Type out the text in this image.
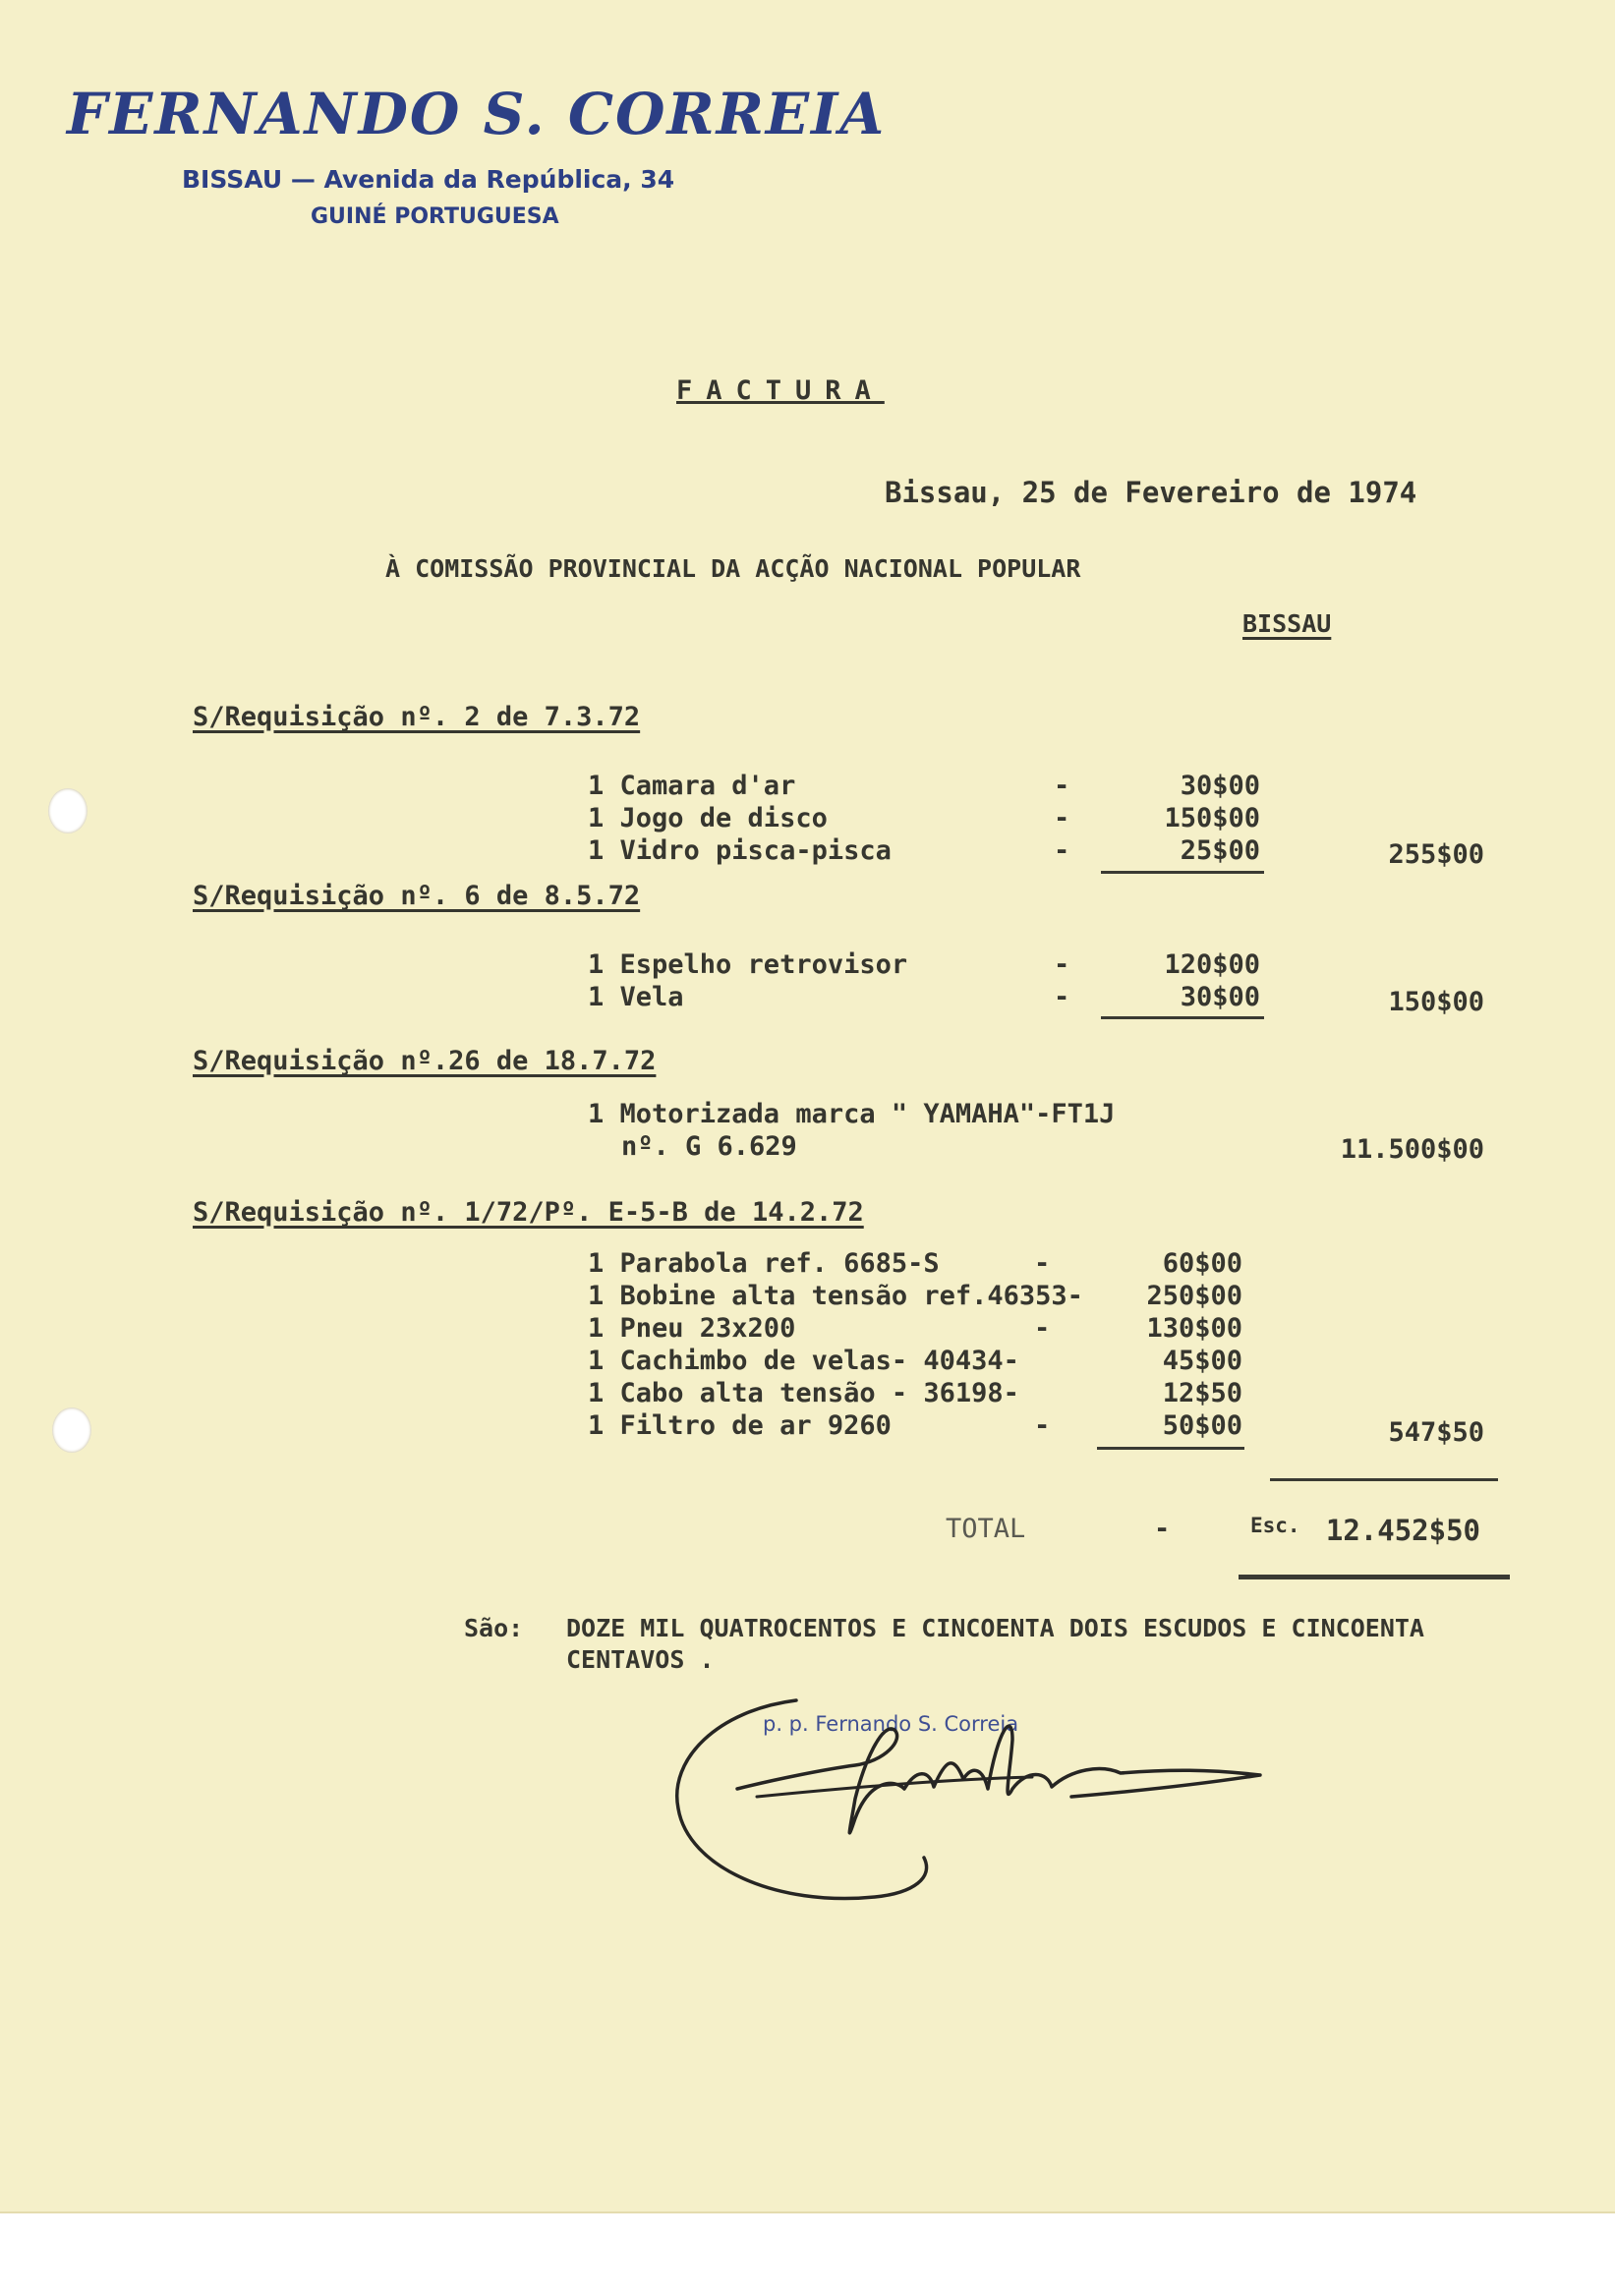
FERNANDO S. CORREIA
BISSAU — Avenida da República, 34
GUINÉ PORTUGUESA
FACTURA
Bissau, 25 de Fevereiro de 1974
À COMISSÃO PROVINCIAL DA ACÇÃO NACIONAL POPULAR
BISSAU
S/Requisição nº. 2 de 7.3.72
1 Camara d'ar	-	30$00
1 Jogo de disco	-	150$00
1 Vidro pisca-pisca	-	25$00	255$00
S/Requisição nº. 6 de 8.5.72
1 Espelho retrovisor	-	120$00
1 Vela	-	30$00	150$00
S/Requisição nº.26 de 18.7.72
1 Motorizada marca " YAMAHA"-FT1J
nº. G 6.629	11.500$00
S/Requisição nº. 1/72/Pº. E-5-B de 14.2.72
1 Parabola ref. 6685-S	-	60$00
1 Bobine alta tensão ref.46353-	250$00
1 Pneu 23x200	-	130$00
1 Cachimbo de velas- 40434-	45$00
1 Cabo alta tensão - 36198-	12$50
1 Filtro de ar 9260	-	50$00	547$50
TOTAL	-	Esc. 12.452$50
São: DOZE MIL QUATROCENTOS E CINCOENTA DOIS ESCUDOS E CINCOENTA
CENTAVOS .
p. p. Fernando S. Correia
